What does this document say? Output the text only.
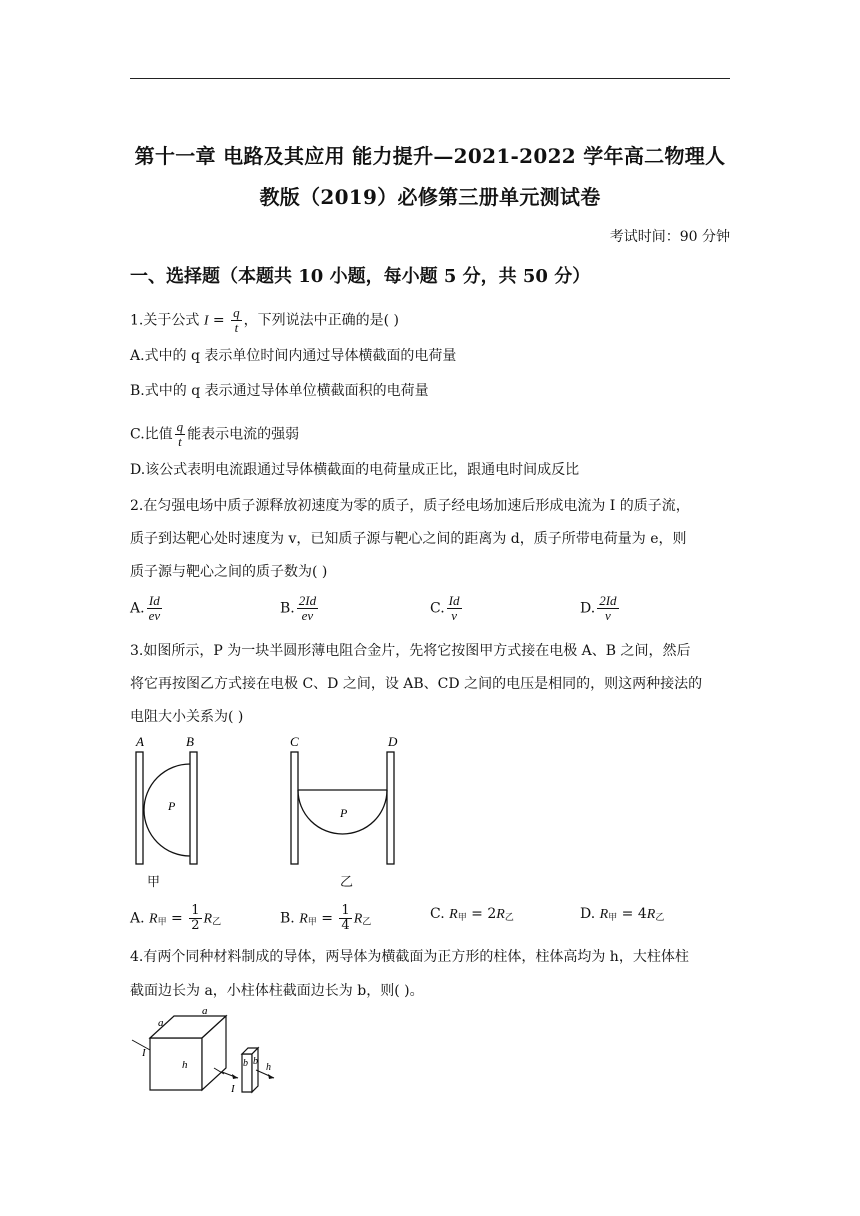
第十一章 电路及其应用 能力提升—2021-2022 学年高二物理人
教版（2019）必修第三册单元测试卷
考试时间：90 分钟
一、选择题（本题共 10 小题，每小题 5 分，共 50 分）
1.关于公式 $I = \frac{q}{t}$ ，下列说法中正确的是( )
A.式中的 q 表示单位时间内通过导体横截面的电荷量
B.式中的 q 表示通过导体单位横截面积的电荷量
C.比值 $\frac{q}{t}$ 能表示电流的强弱
D.该公式表明电流跟通过导体横截面的电荷量成正比，跟通电时间成反比
2.在匀强电场中质子源释放初速度为零的质子，质子经电场加速后形成电流为 I 的质子流，
质子到达靶心处时速度为 v，已知质子源与靶心之间的距离为 d，质子所带电荷量为 e，则
质子源与靶心之间的质子数为( )
A. $\frac{Id}{ev}$	B. $\frac{2Id}{ev}$	C. $\frac{Id}{v}$	D. $\frac{2Id}{v}$
3.如图所示，P 为一块半圆形薄电阻合金片，先将它按图甲方式接在电极 A、B 之间，然后
将它再按图乙方式接在电极 C、D 之间，设 AB、CD 之间的电压是相同的，则这两种接法的
电阻大小关系为( )
A	B
P
甲
C	D
P
乙
A. $R_甲 = \frac{1}{2} R_乙$	B. $R_甲 = \frac{1}{4} R_乙$
C. $R_甲 = 2R_乙$	D. $R_甲 = 4R_乙$
4.有两个同种材料制成的导体，两导体为横截面为正方形的柱体，柱体高均为 h，大柱体柱
截面边长为 a，小柱体柱截面边长为 b，则( )。
a
a
h
I
I
b b
h
